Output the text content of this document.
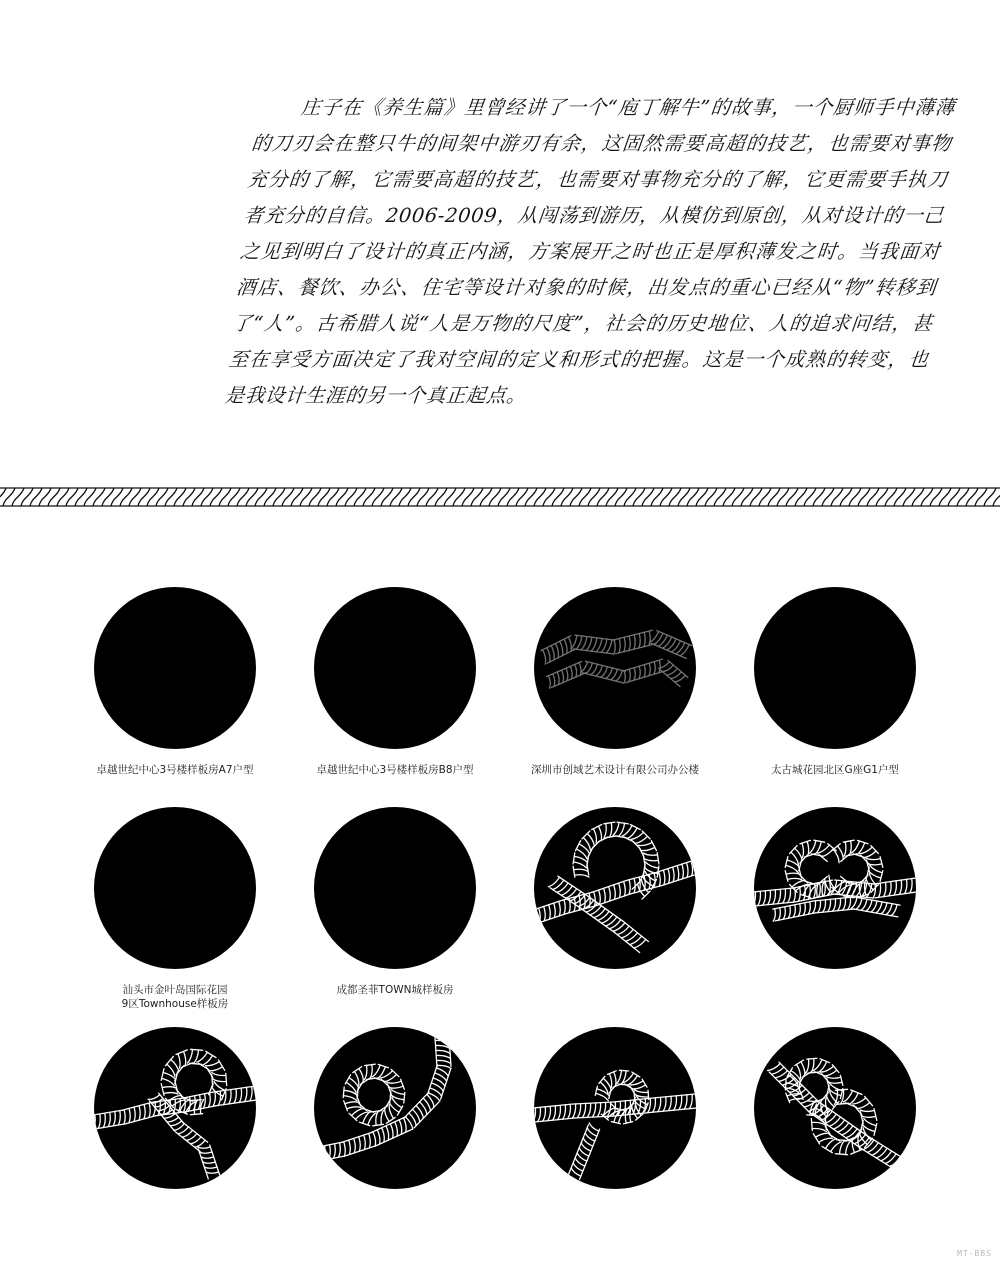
庄子在《养生篇》里曾经讲了一个“庖丁解牛”的故事，一个厨师手中薄薄的刀刃会在整只牛的间架中游刃有余，这固然需要高超的技艺，也需要对事物充分的了解，它需要高超的技艺，也需要对事物充分的了解，它更需要手执刀者充分的自信。2006-2009，从闯荡到游历，从模仿到原创，从对设计的一己之见到明白了设计的真正内涵，方案展开之时也正是厚积薄发之时。当我面对酒店、餐饮、办公、住宅等设计对象的时候，出发点的重心已经从“物”转移到了“人”。古希腊人说“人是万物的尺度”，社会的历史地位、人的追求问结，甚至在享受方面决定了我对空间的定义和形式的把握。这是一个成熟的转变，也是我设计生涯的另一个真正起点。

卓越世纪中心3号楼样板房A7户型	卓越世纪中心3号楼样板房B8户型	深圳市创域艺术设计有限公司办公楼	太古城花园北区G座G1户型
汕头市金叶岛国际花园
9区Townhouse样板房
成都圣菲TOWN城样板房
MT-BBS
